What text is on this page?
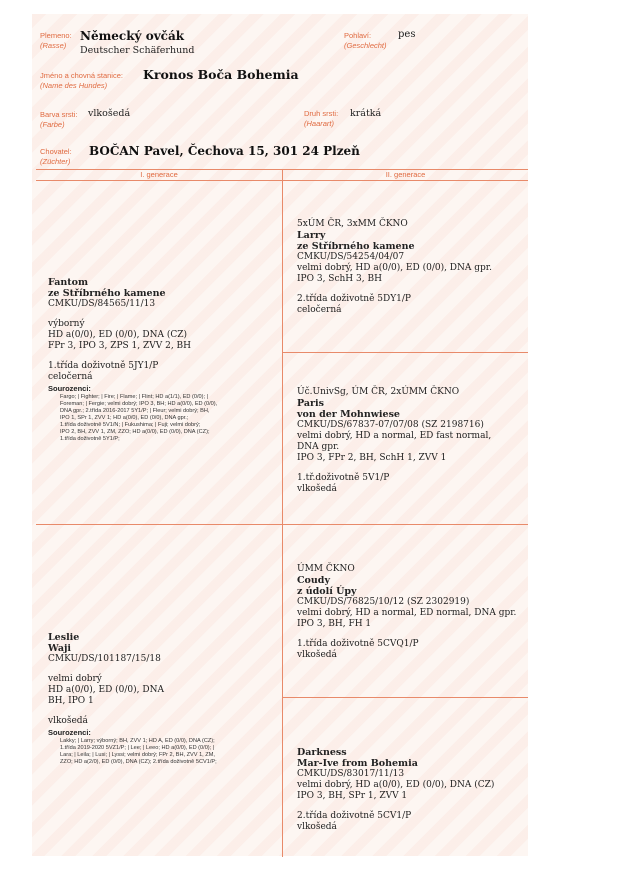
Plemeno:
(Rasse)
Německý ovčák
Deutscher Schäferhund
Pohlaví:
(Geschlecht)
pes
Jméno a chovná stanice:
(Name des Hundes)
Kronos Boča Bohemia
Barva srsti:
(Farbe)
vlkošedá	Druh srsti:
(Haarart)
krátká
Chovatel:
(Züchter)
BOČAN Pavel, Čechova 15, 301 24 Plzeň
I. generace	II. generace
Fantom
ze Stříbrného kamene
CMKU/DS/84565/11/13
výborný
HD a(0/0), ED (0/0), DNA (CZ)
FPr 3, IPO 3, ZPS 1, ZVV 2, BH
1.třída doživotně 5JY1/P
celočerná
Sourozenci:
Fargo; | Fighter; | Fire; | Flame; | Flint; HD a(1/1), ED (0/0); |
Foreman; | Fergie; velmi dobrý; IPO 3, BH; HD a(0/0), ED (0/0),
DNA gpr.; 2.třída 2016-2017 5Y1/P; | Fleur; velmi dobrý; BH,
IPO 1, SPr 1, ZVV 1; HD a(0/0), ED (0/0), DNA gpr.;
1.třída doživotně 5V1/N; | Fukushima; | Fuji; velmi dobrý;
IPO 2, BH, ZVV 1, ZM, ZZO; HD a(0/0), ED (0/0), DNA (CZ);
1.třída doživotně 5Y1/P;
Leslie
Waji
CMKU/DS/101187/15/18
velmi dobrý
HD a(0/0), ED (0/0), DNA
BH, IPO 1
vlkošedá
Sourozenci:
Lakky; | Larry; výborný; BH, ZVV 1; HD A, ED (0/0), DNA (CZ);
1.třída 2019-2020 5VZ1/P; | Lee; | Leeo; HD a(0/0), ED (0/0); |
Lara; | Leila; | Lusi; | Lyssi; velmi dobrý; FPr 2, BH, ZVV 1, ZM,
ZZO; HD a(2/0), ED (0/0), DNA (CZ); 2.třída doživotně 5CV1/P;
5xÚM ČR, 3xMM ČKNO
Larry
ze Stříbrného kamene
CMKU/DS/54254/04/07
velmi dobrý, HD a(0/0), ED (0/0), DNA gpr.
IPO 3, SchH 3, BH
2.třída doživotně 5DY1/P
celočerná
Úč.UnivSg, ÚM ČR, 2xÚMM ČKNO
Paris
von der Mohnwiese
CMKU/DS/67837-07/07/08 (SZ 2198716)
velmi dobrý, HD a normal, ED fast normal,
DNA gpr.
IPO 3, FPr 2, BH, SchH 1, ZVV 1
1.tř.doživotně 5V1/P
vlkošedá
ÚMM ČKNO
Coudy
z údolí Úpy
CMKU/DS/76825/10/12 (SZ 2302919)
velmi dobrý, HD a normal, ED normal, DNA gpr.
IPO 3, BH, FH 1
1.třída doživotně 5CVQ1/P
vlkošedá
Darkness
Mar-Ive from Bohemia
CMKU/DS/83017/11/13
velmi dobrý, HD a(0/0), ED (0/0), DNA (CZ)
IPO 3, BH, SPr 1, ZVV 1
2.třída doživotně 5CV1/P
vlkošedá
